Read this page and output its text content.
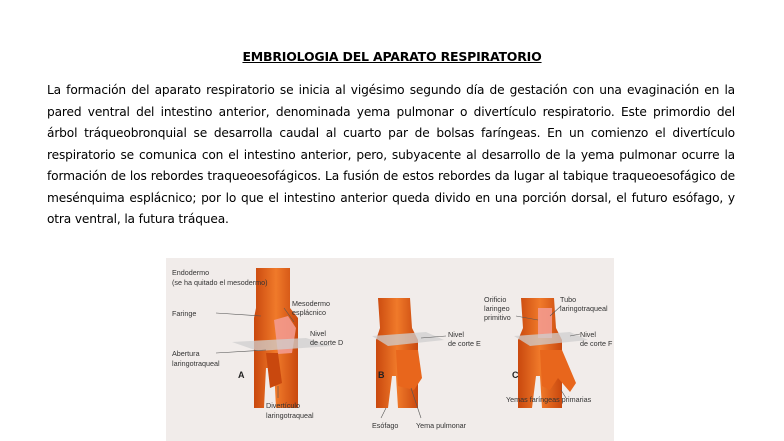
EMBRIOLOGIA DEL APARATO RESPIRATORIO
La formación del aparato respiratorio se inicia al vigésimo segundo día de gestación con una evaginación en la pared ventral del intestino anterior, denominada yema pulmonar o divertículo respiratorio. Este primordio del árbol tráqueobronquial se desarrolla caudal al cuarto par de bolsas faríngeas. En un comienzo el divertículo respiratorio se comunica con el intestino anterior, pero, subyacente al desarrollo de la yema pulmonar ocurre la formación de los rebordes traqueoesofágicos. La fusión de estos rebordes da lugar al tabique traqueoesofágico de mesénquima esplácnico; por lo que el intestino anterior queda divido en una porción dorsal, el futuro esófago, y otra ventral, la futura tráquea.
Endodermo
(se ha quitado el mesodermo)
Faringe
Mesodermo
esplácnico
Nivel
de corte D
Abertura
laringotraqueal
A
Divertículo
laringotraqueal
Nivel
de corte E
B
Esófago Yema pulmonar
Orificio
laringeo
primitivo
Tubo
laringotraqueal
Nivel
de corte F
C
Yemas faríngeas primarias
